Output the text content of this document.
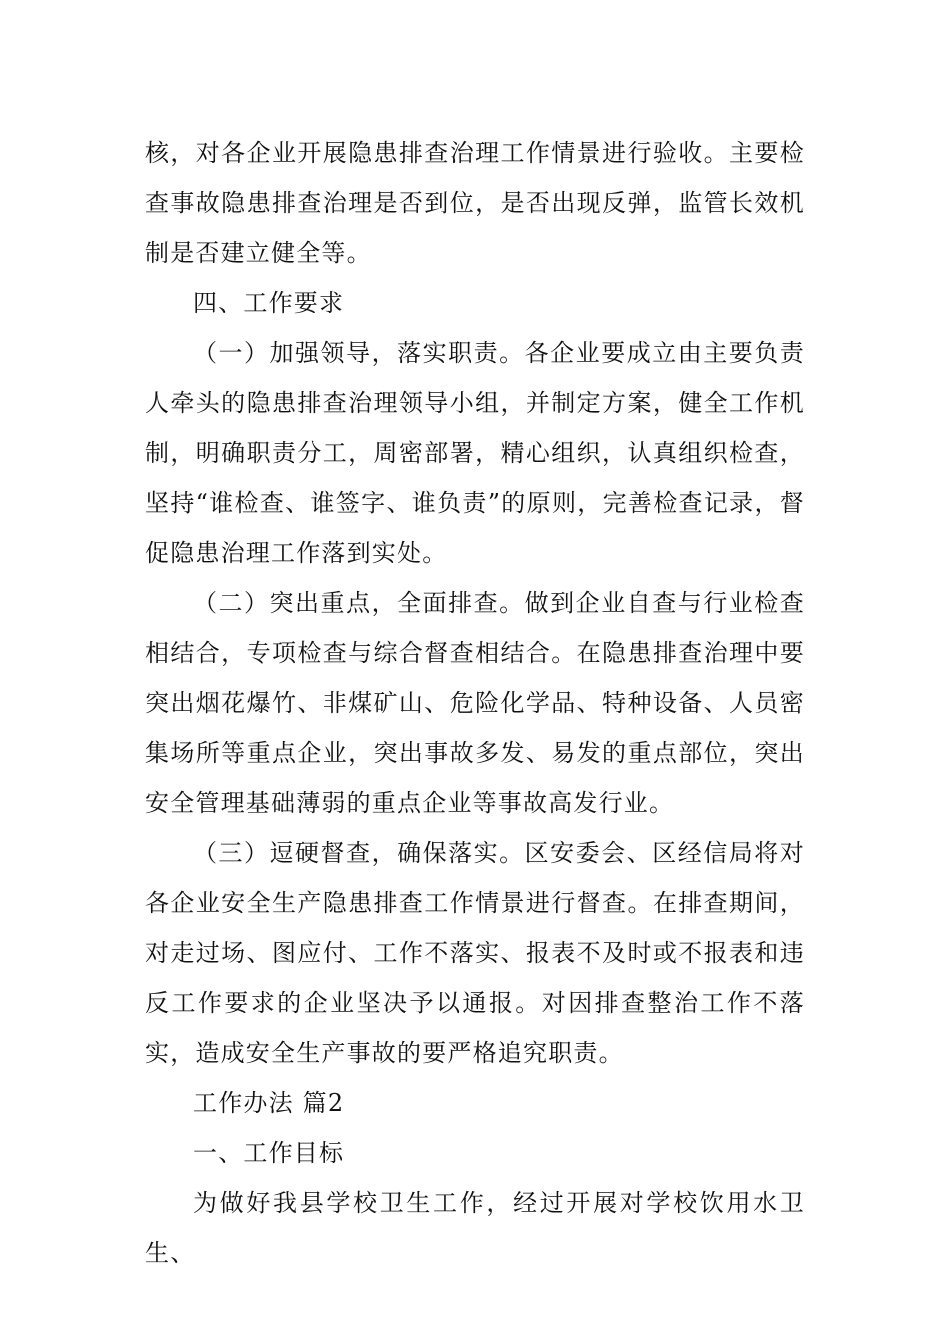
核，对各企业开展隐患排查治理工作情景进行验收。主要检查事故隐患排查治理是否到位，是否出现反弹，监管长效机制是否建立健全等。

四、工作要求

（一）加强领导，落实职责。各企业要成立由主要负责人牵头的隐患排查治理领导小组，并制定方案，健全工作机制，明确职责分工，周密部署，精心组织，认真组织检查，坚持“谁检查、谁签字、谁负责”的原则，完善检查记录，督促隐患治理工作落到实处。

（二）突出重点，全面排查。做到企业自查与行业检查相结合，专项检查与综合督查相结合。在隐患排查治理中要突出烟花爆竹、非煤矿山、危险化学品、特种设备、人员密集场所等重点企业，突出事故多发、易发的重点部位，突出安全管理基础薄弱的重点企业等事故高发行业。

（三）逗硬督查，确保落实。区安委会、区经信局将对各企业安全生产隐患排查工作情景进行督查。在排查期间，对走过场、图应付、工作不落实、报表不及时或不报表和违反工作要求的企业坚决予以通报。对因排查整治工作不落实，造成安全生产事故的要严格追究职责。

工作办法 篇2

一、工作目标

为做好我县学校卫生工作，经过开展对学校饮用水卫生、
